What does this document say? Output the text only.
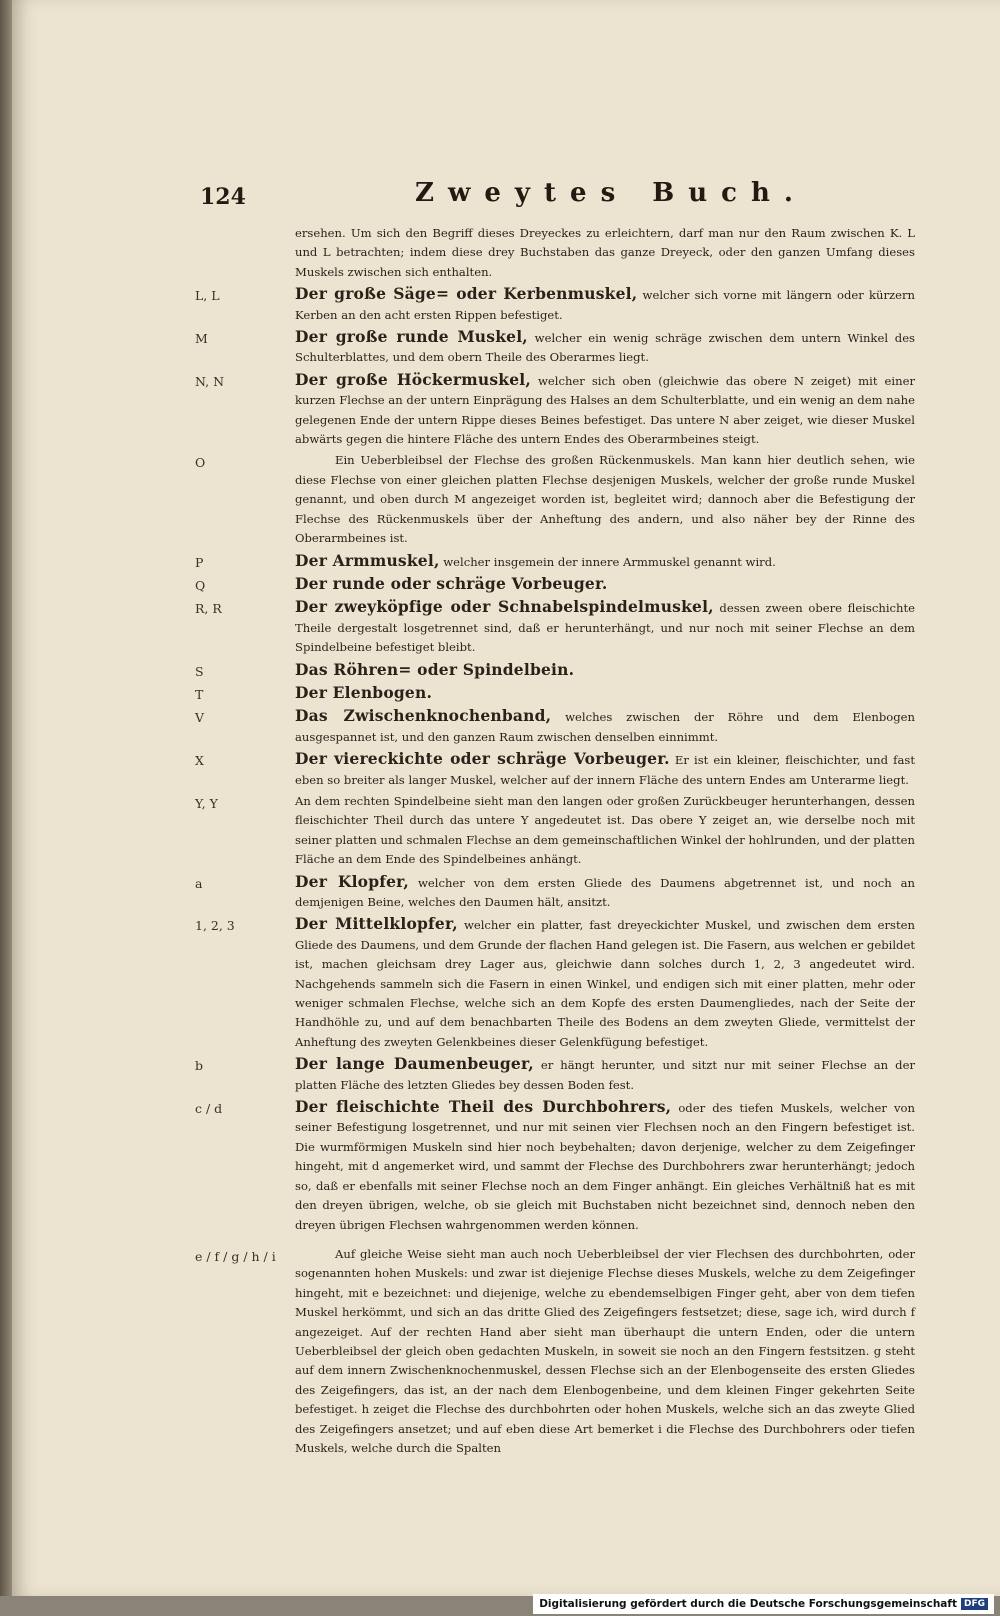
124	Zweytes Buch.
ersehen. Um sich den Begriff dieses Dreyeckes zu erleichtern, darf man nur den Raum zwischen K. L und L betrachten; indem diese drey Buchstaben das ganze Dreyeck, oder den ganzen Umfang dieses Muskels zwischen sich enthalten.
L, L	Der große Säge= oder Kerbenmuskel, welcher sich vorne mit längern oder kürzern Kerben an den acht ersten Rippen befestiget.
M	Der große runde Muskel, welcher ein wenig schräge zwischen dem untern Winkel des Schulterblattes, und dem obern Theile des Oberarmes liegt.
N, N	Der große Höckermuskel, welcher sich oben (gleichwie das obere N zeiget) mit einer kurzen Flechse an der untern Einprägung des Halses an dem Schulterblatte, und ein wenig an dem nahe gelegenen Ende der untern Rippe dieses Beines befestiget. Das untere N aber zeiget, wie dieser Muskel abwärts gegen die hintere Fläche des untern Endes des Oberarmbeines steigt.
O	Ein Ueberbleibsel der Flechse des großen Rückenmuskels. Man kann hier deutlich sehen, wie diese Flechse von einer gleichen platten Flechse desjenigen Muskels, welcher der große runde Muskel genannt, und oben durch M angezeiget worden ist, begleitet wird; dannoch aber die Befestigung der Flechse des Rückenmuskels über der Anheftung des andern, und also näher bey der Rinne des Oberarmbeines ist.
P	Der Armmuskel, welcher insgemein der innere Armmuskel genannt wird.
Q	Der runde oder schräge Vorbeuger.
R, R	Der zweyköpfige oder Schnabelspindelmuskel, dessen zween obere fleischichte Theile dergestalt losgetrennet sind, daß er herunterhängt, und nur noch mit seiner Flechse an dem Spindelbeine befestiget bleibt.
S	Das Röhren= oder Spindelbein.
T	Der Elenbogen.
V	Das Zwischenknochenband, welches zwischen der Röhre und dem Elenbogen ausgespannet ist, und den ganzen Raum zwischen denselben einnimmt.
X	Der viereckichte oder schräge Vorbeuger. Er ist ein kleiner, fleischichter, und fast eben so breiter als langer Muskel, welcher auf der innern Fläche des untern Endes am Unterarme liegt.
Y, Y	An dem rechten Spindelbeine sieht man den langen oder großen Zurückbeuger herunterhangen, dessen fleischichter Theil durch das untere Y angedeutet ist. Das obere Y zeiget an, wie derselbe noch mit seiner platten und schmalen Flechse an dem gemeinschaftlichen Winkel der hohlrunden, und der platten Fläche an dem Ende des Spindelbeines anhängt.
a	Der Klopfer, welcher von dem ersten Gliede des Daumens abgetrennet ist, und noch an demjenigen Beine, welches den Daumen hält, ansitzt.
1, 2, 3	Der Mittelklopfer, welcher ein platter, fast dreyeckichter Muskel, und zwischen dem ersten Gliede des Daumens, und dem Grunde der flachen Hand gelegen ist. Die Fasern, aus welchen er gebildet ist, machen gleichsam drey Lager aus, gleichwie dann solches durch 1, 2, 3 angedeutet wird. Nachgehends sammeln sich die Fasern in einen Winkel, und endigen sich mit einer platten, mehr oder weniger schmalen Flechse, welche sich an dem Kopfe des ersten Daumengliedes, nach der Seite der Handhöhle zu, und auf dem benachbarten Theile des Bodens an dem zweyten Gliede, vermittelst der Anheftung des zweyten Gelenkbeines dieser Gelenkfügung befestiget.
b	Der lange Daumenbeuger, er hängt herunter, und sitzt nur mit seiner Flechse an der platten Fläche des letzten Gliedes bey dessen Boden fest.
c / d	Der fleischichte Theil des Durchbohrers, oder des tiefen Muskels, welcher von seiner Befestigung losgetrennet, und nur mit seinen vier Flechsen noch an den Fingern befestiget ist. Die wurmförmigen Muskeln sind hier noch beybehalten; davon derjenige, welcher zu dem Zeigefinger hingeht, mit d angemerket wird, und sammt der Flechse des Durchbohrers zwar herunterhängt; jedoch so, daß er ebenfalls mit seiner Flechse noch an dem Finger anhängt. Ein gleiches Verhältniß hat es mit den dreyen übrigen, welche, ob sie gleich mit Buchstaben nicht bezeichnet sind, dennoch neben den dreyen übrigen Flechsen wahrgenommen werden können.
e / f / g / h / i	Auf gleiche Weise sieht man auch noch Ueberbleibsel der vier Flechsen des durchbohrten, oder sogenannten hohen Muskels: und zwar ist diejenige Flechse dieses Muskels, welche zu dem Zeigefinger hingeht, mit e bezeichnet: und diejenige, welche zu ebendemselbigen Finger geht, aber von dem tiefen Muskel herkömmt, und sich an das dritte Glied des Zeigefingers festsetzet; diese, sage ich, wird durch f angezeiget. Auf der rechten Hand aber sieht man überhaupt die untern Enden, oder die untern Ueberbleibsel der gleich oben gedachten Muskeln, in soweit sie noch an den Fingern festsitzen. g steht auf dem innern Zwischenknochenmuskel, dessen Flechse sich an der Elenbogenseite des ersten Gliedes des Zeigefingers, das ist, an der nach dem Elenbogenbeine, und dem kleinen Finger gekehrten Seite befestiget. h zeiget die Flechse des durchbohrten oder hohen Muskels, welche sich an das zweyte Glied des Zeigefingers ansetzet; und auf eben diese Art bemerket i die Flechse des Durchbohrers oder tiefen Muskels, welche durch die Spalten
Digitalisierung gefördert durch die Deutsche Forschungsgemeinschaft DFG
